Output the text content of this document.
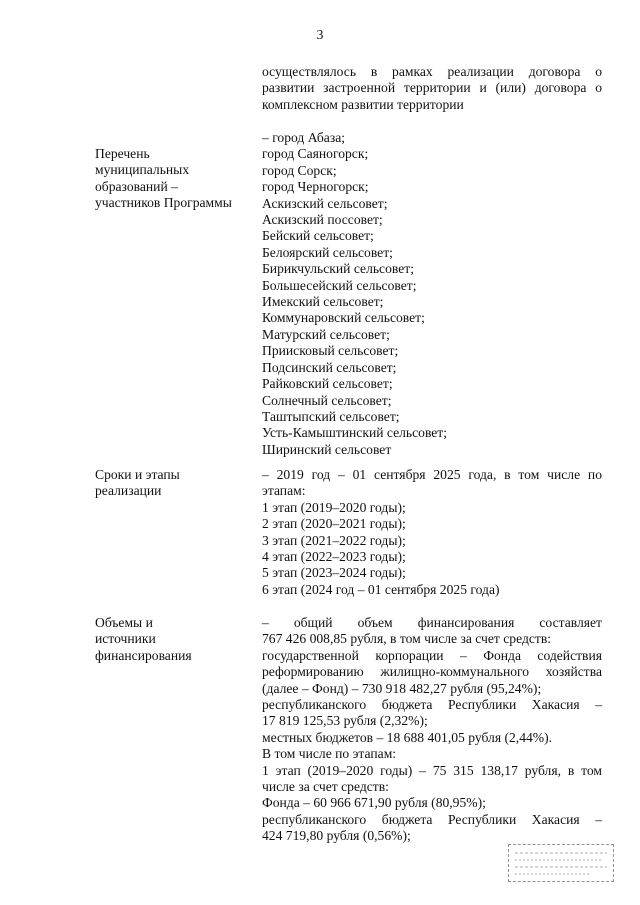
3
осуществлялось в рамках реализации договора о
развитии застроенной территории и (или) договора о
комплексном развитии территории
Перечень
муниципальных
образований –
участников Программы
– город Абаза;
город Саяногорск;
город Сорск;
город Черногорск;
Аскизский сельсовет;
Аскизский поссовет;
Бейский сельсовет;
Белоярский сельсовет;
Бирикчульский сельсовет;
Большесейский сельсовет;
Имекский сельсовет;
Коммунаровский сельсовет;
Матурский сельсовет;
Приисковый сельсовет;
Подсинский сельсовет;
Райковский сельсовет;
Солнечный сельсовет;
Таштыпский сельсовет;
Усть-Камыштинский сельсовет;
Ширинский сельсовет
Сроки и этапы
реализации
– 2019 год – 01 сентября 2025 года, в том числе по
этапам:
1 этап (2019–2020 годы);
2 этап (2020–2021 годы);
3 этап (2021–2022 годы);
4 этап (2022–2023 годы);
5 этап (2023–2024 годы);
6 этап (2024 год – 01 сентября 2025 года)
Объемы и
источники
финансирования
– общий объем финансирования составляет
767 426 008,85 рубля, в том числе за счет средств:
государственной корпорации – Фонда содействия
реформированию жилищно-коммунального хозяйства
(далее – Фонд) – 730 918 482,27 рубля (95,24%);
республиканского бюджета Республики Хакасия –
17 819 125,53 рубля (2,32%);
местных бюджетов – 18 688 401,05 рубля (2,44%).
В том числе по этапам:
1 этап (2019–2020 годы) – 75 315 138,17 рубля, в том
числе за счет средств:
Фонда – 60 966 671,90 рубля (80,95%);
республиканского бюджета Республики Хакасия –
424 719,80 рубля (0,56%);
